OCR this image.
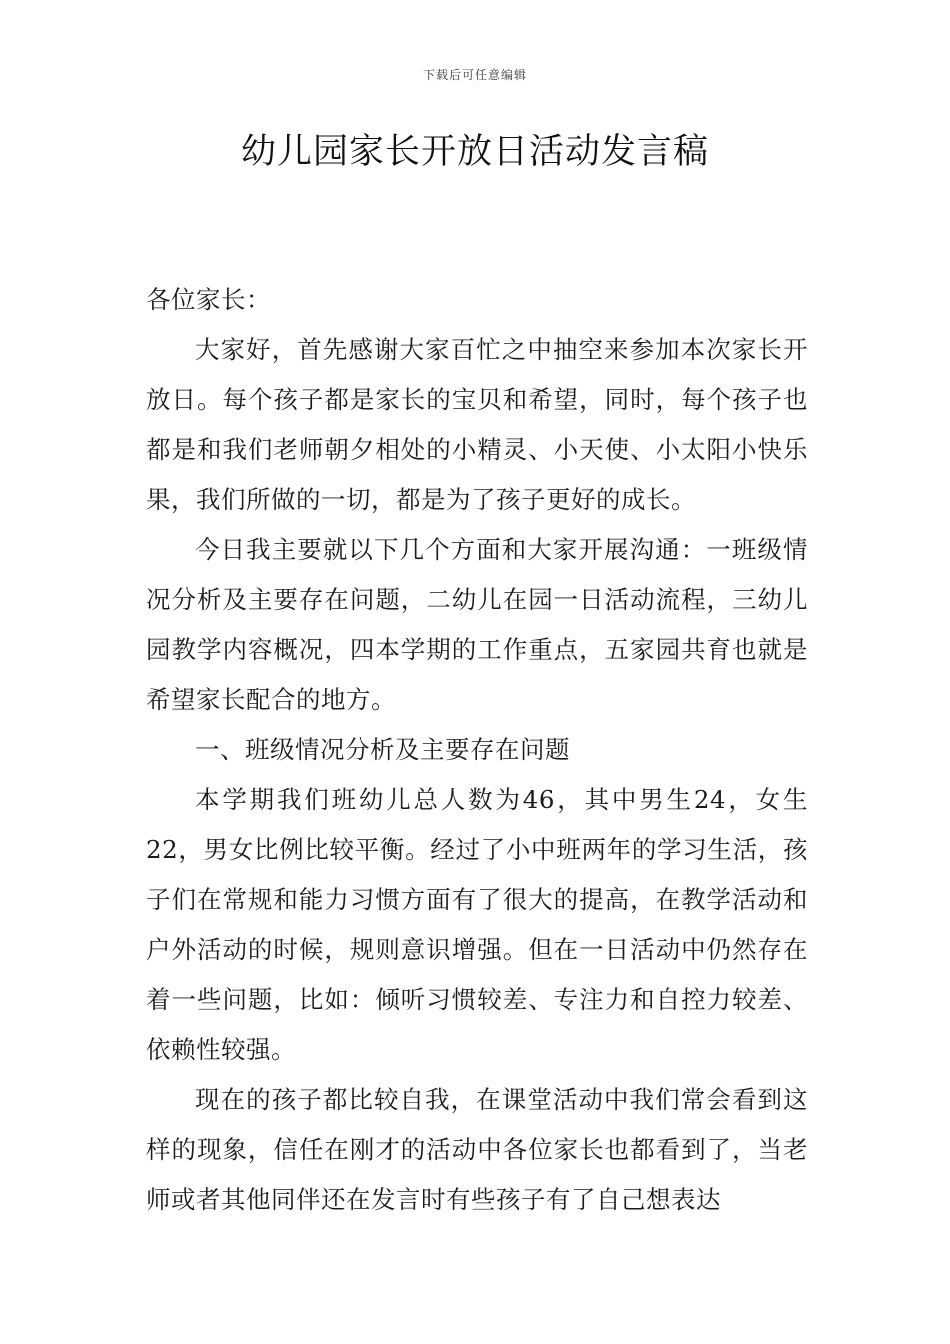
下载后可任意编辑
幼儿园家长开放日活动发言稿

各位家长：

大家好，首先感谢大家百忙之中抽空来参加本次家长开放日。每个孩子都是家长的宝贝和希望，同时，每个孩子也都是和我们老师朝夕相处的小精灵、小天使、小太阳小快乐果，我们所做的一切，都是为了孩子更好的成长。

今日我主要就以下几个方面和大家开展沟通：一班级情况分析及主要存在问题，二幼儿在园一日活动流程，三幼儿园教学内容概况，四本学期的工作重点，五家园共育也就是希望家长配合的地方。

一、班级情况分析及主要存在问题

本学期我们班幼儿总人数为46，其中男生24，女生22，男女比例比较平衡。经过了小中班两年的学习生活，孩子们在常规和能力习惯方面有了很大的提高，在教学活动和户外活动的时候，规则意识增强。但在一日活动中仍然存在着一些问题，比如：倾听习惯较差、专注力和自控力较差、依赖性较强。

现在的孩子都比较自我，在课堂活动中我们常会看到这样的现象，信任在刚才的活动中各位家长也都看到了，当老师或者其他同伴还在发言时有些孩子有了自己想表达
